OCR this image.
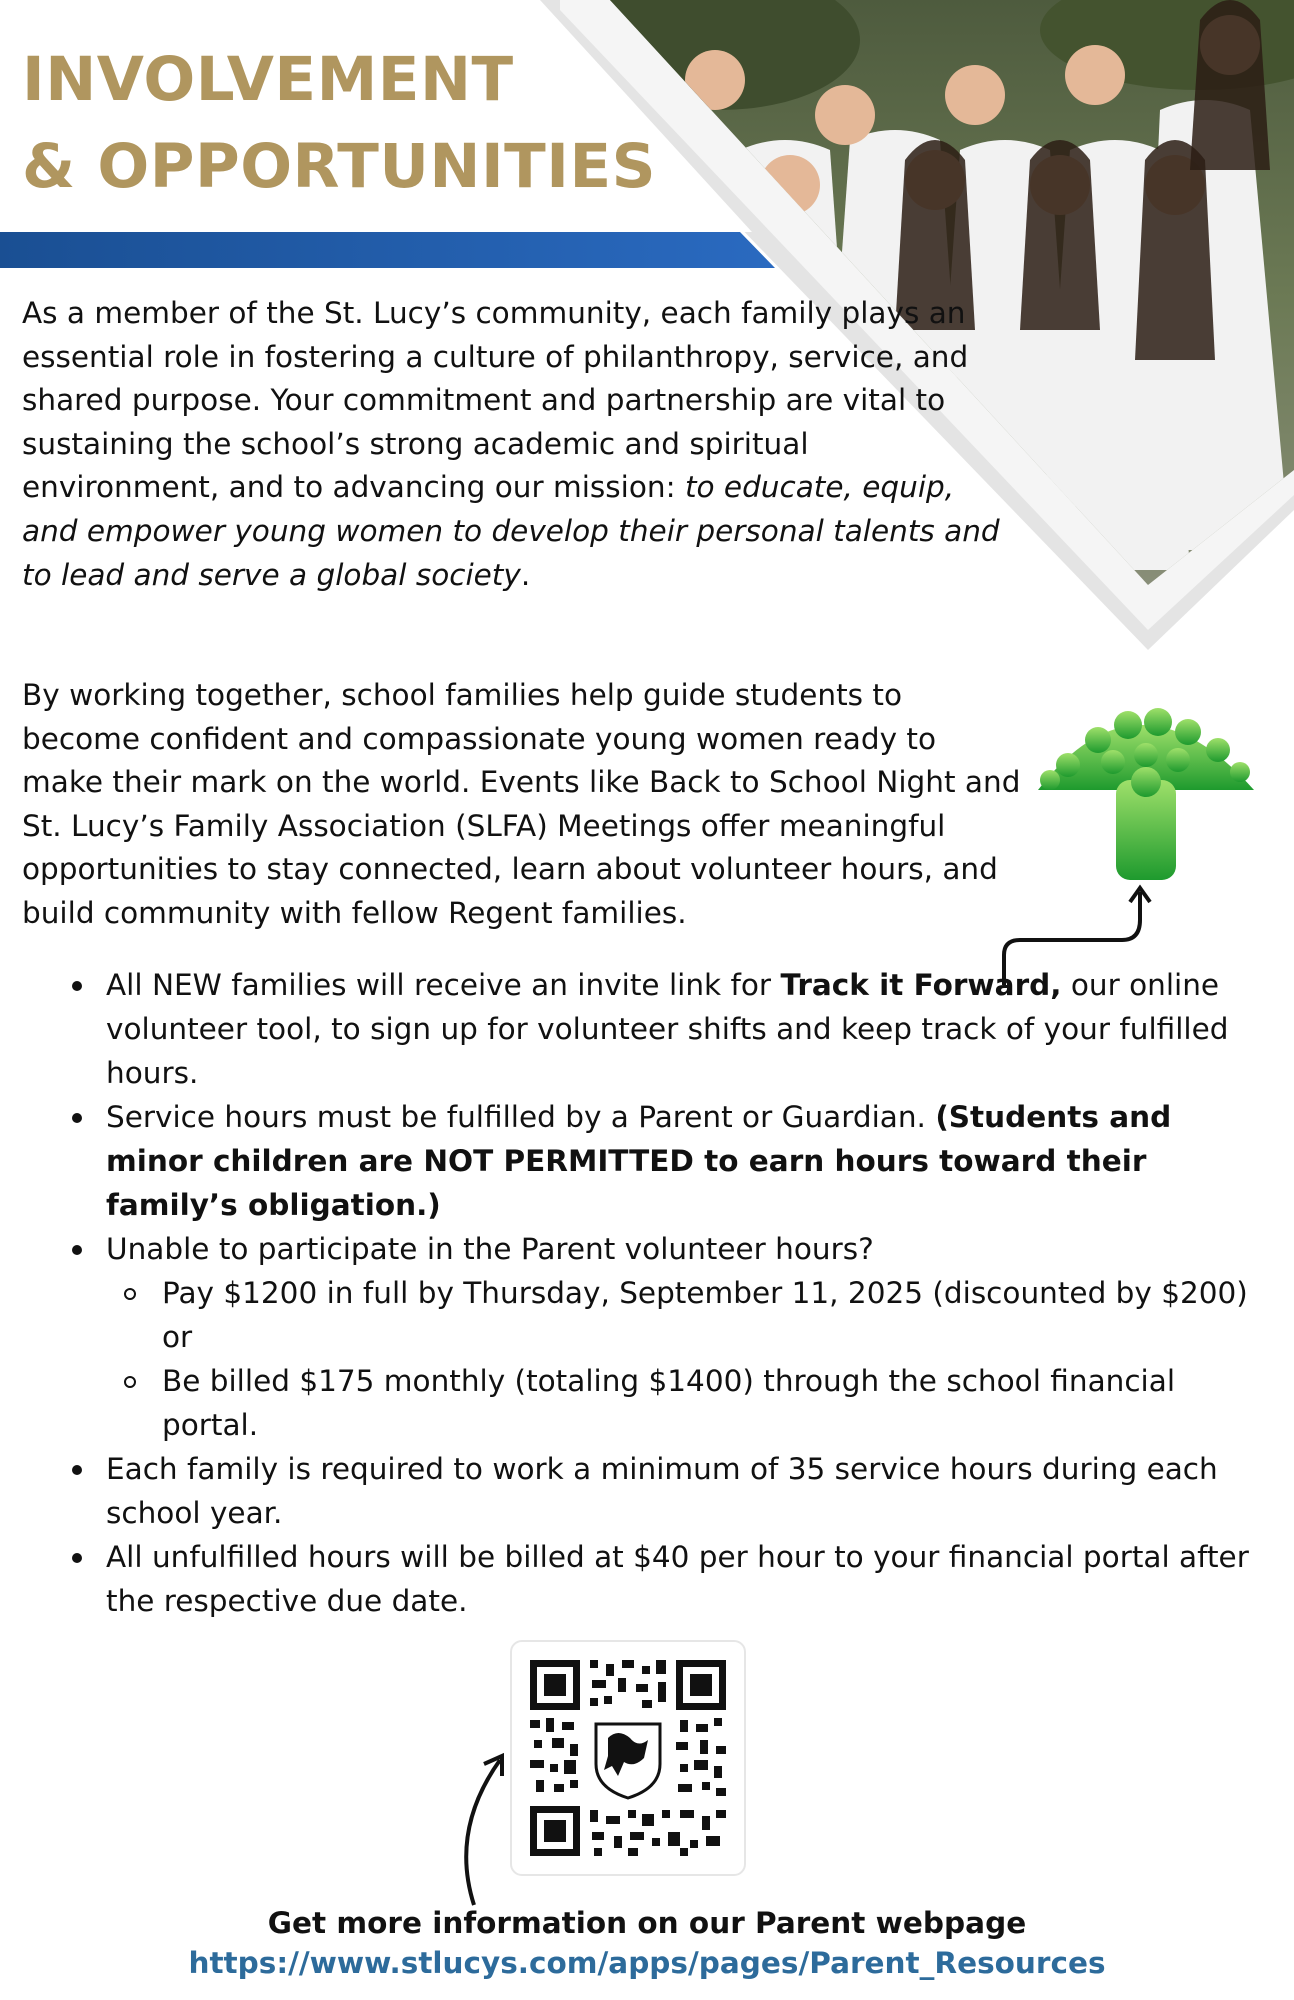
INVOLVEMENT
& OPPORTUNITIES

As a member of the St. Lucy’s community, each family plays an essential role in fostering a culture of philanthropy, service, and shared purpose. Your commitment and partnership are vital to sustaining the school’s strong academic and spiritual environment, and to advancing our mission: to educate, equip, and empower young women to develop their personal talents and to lead and serve a global society.

By working together, school families help guide students to become confident and compassionate young women ready to make their mark on the world. Events like Back to School Night and St. Lucy’s Family Association (SLFA) Meetings offer meaningful opportunities to stay connected, learn about volunteer hours, and build community with fellow Regent families.

All NEW families will receive an invite link for Track it Forward, our online volunteer tool, to sign up for volunteer shifts and keep track of your fulfilled hours.
Service hours must be fulfilled by a Parent or Guardian. (Students and minor children are NOT PERMITTED to earn hours toward their family’s obligation.)
Unable to participate in the Parent volunteer hours?
Pay $1200 in full by Thursday, September 11, 2025 (discounted by $200) or
Be billed $175 monthly (totaling $1400) through the school financial portal.
Each family is required to work a minimum of 35 service hours during each school year.
All unfulfilled hours will be billed at $40 per hour to your financial portal after the respective due date.

Get more information on our Parent webpage

https://www.stlucys.com/apps/pages/Parent_Resources
